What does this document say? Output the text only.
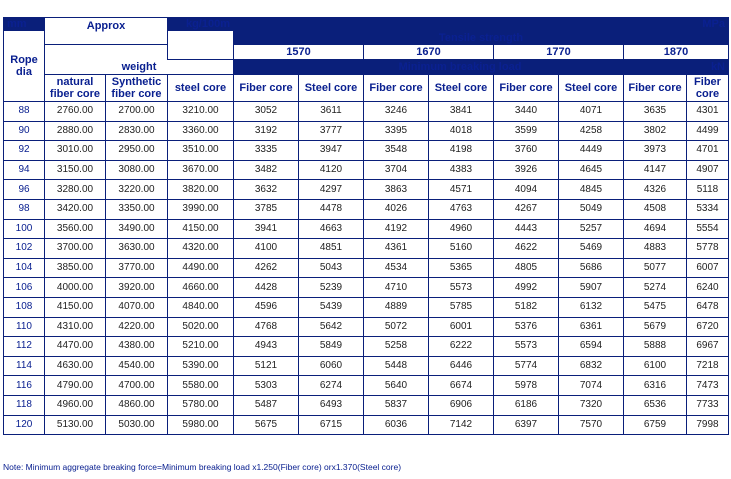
mm	Approx		kg/100m	MPa							
Rope dia				Tensile strength							
				1570		1670		1770		1870	
	weight			Minimum breaking load							kN
	natural fiber core	Synthetic fiber core	steel core	Fiber core	Steel core	Fiber core	Steel core	Fiber core	Steel core	Fiber core	Fiber core
88	2760.00	2700.00	3210.00	3052	3611	3246	3841	3440	4071	3635	4301
90	2880.00	2830.00	3360.00	3192	3777	3395	4018	3599	4258	3802	4499
92	3010.00	2950.00	3510.00	3335	3947	3548	4198	3760	4449	3973	4701
94	3150.00	3080.00	3670.00	3482	4120	3704	4383	3926	4645	4147	4907
96	3280.00	3220.00	3820.00	3632	4297	3863	4571	4094	4845	4326	5118
98	3420.00	3350.00	3990.00	3785	4478	4026	4763	4267	5049	4508	5334
100	3560.00	3490.00	4150.00	3941	4663	4192	4960	4443	5257	4694	5554
102	3700.00	3630.00	4320.00	4100	4851	4361	5160	4622	5469	4883	5778
104	3850.00	3770.00	4490.00	4262	5043	4534	5365	4805	5686	5077	6007
106	4000.00	3920.00	4660.00	4428	5239	4710	5573	4992	5907	5274	6240
108	4150.00	4070.00	4840.00	4596	5439	4889	5785	5182	6132	5475	6478
110	4310.00	4220.00	5020.00	4768	5642	5072	6001	5376	6361	5679	6720
112	4470.00	4380.00	5210.00	4943	5849	5258	6222	5573	6594	5888	6967
114	4630.00	4540.00	5390.00	5121	6060	5448	6446	5774	6832	6100	7218
116	4790.00	4700.00	5580.00	5303	6274	5640	6674	5978	7074	6316	7473
118	4960.00	4860.00	5780.00	5487	6493	5837	6906	6186	7320	6536	7733
120	5130.00	5030.00	5980.00	5675	6715	6036	7142	6397	7570	6759	7998
Note: Minimum aggregate breaking force=Minimum breaking load x1.250(Fiber core) orx1.370(Steel core)
